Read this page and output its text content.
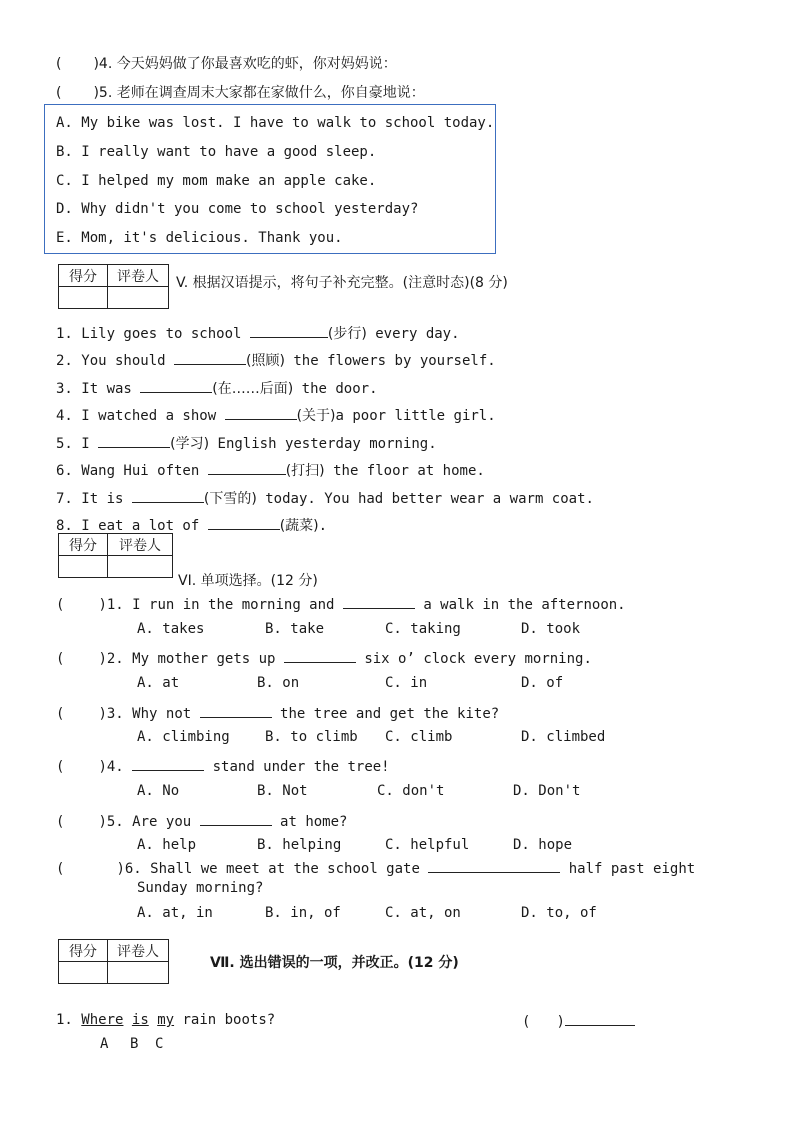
( )4. 今天妈妈做了你最喜欢吃的虾，你对妈妈说：
( )5. 老师在调查周末大家都在家做什么，你自豪地说：
A. My bike was lost. I have to walk to school today.
B. I really want to have a good sleep.
C. I helped my mom make an apple cake.
D. Why didn't you come to school yesterday?
E. Mom, it's delicious. Thank you.
得分	评卷人
	V. 根据汉语提示，将句子补充完整。(注意时态)(8 分)
1. Lily goes to school	(步行) every day.
2. You should	(照顾) the flowers by yourself.
3. It was	(在……后面) the door.
4. I watched a show	(关于)a poor little girl.
5. I	(学习) English yesterday morning.
6. Wang Hui often	(打扫) the floor at home.
7. It is	(下雪的) today. You had better wear a warm coat.
8. I eat a lot of	(蔬菜).
得分	评卷人

VI. 单项选择。(12 分)
( )1. I run in the morning and	a walk in the afternoon.
A. takes	B. take	C. taking	D. took
( )2. My mother gets up	six o’ clock every morning.
A. at	B. on	C. in	D. of
( )3. Why not	the tree and get the kite?
A. climbing	B. to climb C. climb	D. climbed
( )4.	stand under the tree!
A. No	B. Not	C. don't	D. Don't
( )5. Are you	at home?
A. help	B. helping	C. helpful	D. hope
(	)6. Shall we meet at the school gate	half past eight
Sunday morning?
A. at, in	B. in, of	C. at, on	D. to, of
得分	评卷人

Ⅶ. 选出错误的一项，并改正。(12 分)
1. Where is my rain boots?	( )
A B C
